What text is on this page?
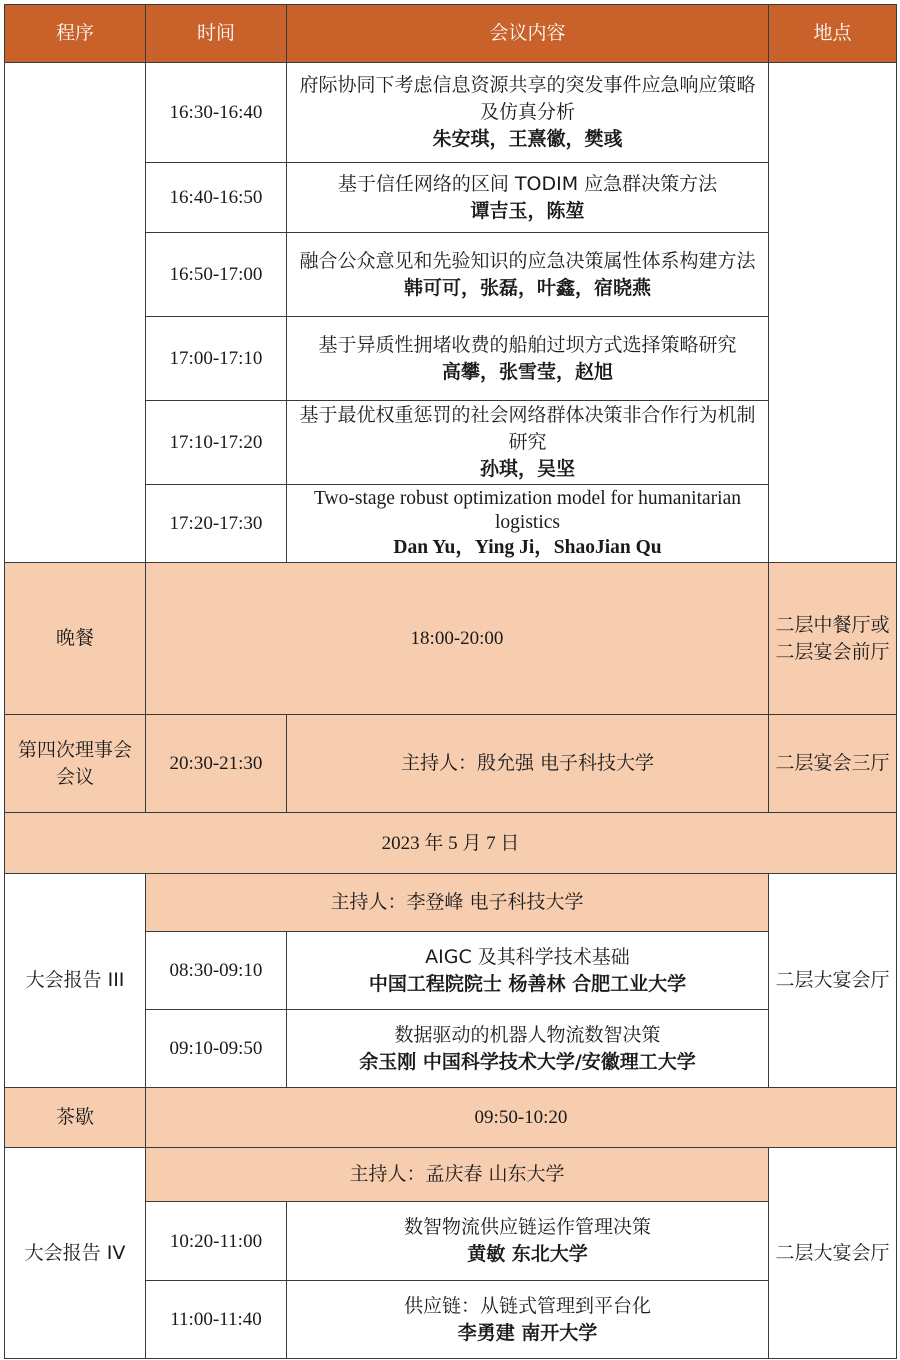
程序	时间	会议内容	地点
	16:30-16:40	府际协同下考虑信息资源共享的突发事件应急响应策略及仿真分析
朱安琪，王熹徽，樊彧	

	16:40-16:50	基于信任网络的区间 TODIM 应急群决策方法
谭吉玉，陈堃	

	16:50-17:00	融合公众意见和先验知识的应急决策属性体系构建方法
韩可可，张磊，叶鑫，宿晓燕	

	17:00-17:10	基于异质性拥堵收费的船舶过坝方式选择策略研究
高攀，张雪莹，赵旭	

	17:10-17:20	基于最优权重惩罚的社会网络群体决策非合作行为机制研究
孙琪，吴坚	

	17:20-17:30	Two-stage robust optimization model for humanitarian logistics
Dan Yu，Ying Ji，ShaoJian Qu	

晚餐	18:00-20:00		二层中餐厅或二层宴会前厅
第四次理事会会议	20:30-21:30	主持人：殷允强 电子科技大学	二层宴会三厅
2023 年 5 月 7 日			
大会报告 III	主持人：李登峰 电子科技大学		二层大宴会厅
	08:30-09:10	AIGC 及其科学技术基础
中国工程院院士 杨善林 合肥工业大学	

	09:10-09:50	数据驱动的机器人物流数智决策
余玉刚 中国科学技术大学/安徽理工大学	

茶歇	09:50-10:20		
大会报告 IV	主持人：孟庆春 山东大学		二层大宴会厅
	10:20-11:00	数智物流供应链运作管理决策
黄敏 东北大学	

	11:00-11:40	供应链：从链式管理到平台化
李勇建 南开大学	
